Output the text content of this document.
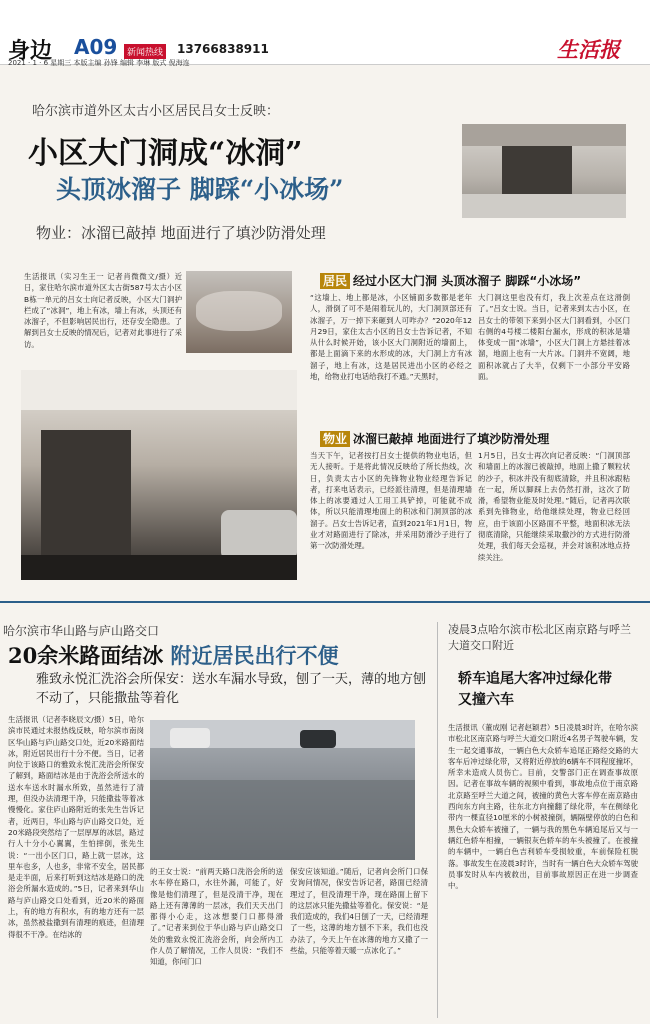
身边 A09	新闻热线 13766838911	生活报
2021 · 1 · 6 星期三 本版主编 孙锋 编辑 李琳 版式 倪海连
哈尔滨市道外区太古小区居民吕女士反映：
小区大门洞成“冰洞”
头顶冰溜子 脚踩“小冰场”
物业：冰溜已敲掉 地面进行了填沙防滑处理
生活报讯（实习生王一 记者肖微微文/摄）近日，家住哈尔滨市道外区太古街587号太古小区B栋一单元的吕女士向记者反映，小区大门洞护栏成了“冰洞”，地上有冰，墙上有冰，头顶还有冰溜子，不但影响居民出行，还存安全隐患。了解到吕女士反映的情况后，记者对此事进行了采访。
居民 经过小区大门洞 头顶冰溜子 脚踩“小冰场”
“这墙上、地上都是冰，小区铺面多数都是老年人，滑倒了可不是闹着玩儿的，大门洞顶部还有冰溜子，万一掉下来砸到人可咋办？”2020年12月29日，家住太古小区的吕女士告诉记者，不知从什么时候开始，该小区大门洞附近的墙面上，都是上面滴下来的水形成的冰，大门洞上方有冰溜子，地上有冰，这是居民进出小区的必经之地，给物业打电话给我打不通。”天黑时，
大门洞这里也没有灯，我上次差点在这滑倒了。”吕女士说。当日，记者来到太古小区，在吕女士的带领下来到小区大门洞看到，小区门右侧的4号楼二楼阳台漏水，形成的积冰是墙体变成一面“冰墙”，小区大门洞上方悬挂着冰溜，地面上也有一大片冰。门洞并不宽阔，地面积冰就占了大半，仅剩下一小部分平安路面。
物业 冰溜已敲掉 地面进行了填沙防滑处理
当天下午，记者按打吕女士提供的物业电话，但无人接听。于是将此情况反映给了所长热线，次日，负责太古小区的先锋物业物业经理告诉记者，打来电话表示，已经派往清理，但是清理墙体上的冰要通过人工用工具铲掉，可能就不成体，所以只能清理地面上的积冰和门洞顶部的冰溜子。吕女士告诉记者，直到2021年1月1日，物业才对路面进行了除冰，并采用防滑沙子进行了第一次防滑处理。
1月5日，吕女士再次向记者反映：“门洞顶部和墙面上的冰溜已被敲掉，地面上撒了颗粒状的沙子，积冰并没有彻底清除，并且积冰跟粘在一起，所以脚踩上去仍然打滑，这次了防滑，希望物业能及时处理。”随后，记者再次联系到先锋物业，给他继续处理，物业已经回应，由于该面小区路面不平整，地面积冰无法彻底清除，只能继续采取撒沙的方式进行防滑处理，我们每天会巡视，并会对该积冰地点持续关注。
哈尔滨市华山路与庐山路交口
20余米路面结冰 附近居民出行不便
雅致永悦汇洗浴会所保安：送水车漏水导致，刨了一天，薄的地方刨不动了，只能撒盐等着化
生活报讯（记者李晓辰文/摄）5日，哈尔滨市民通过未报热线反映，哈尔滨市南岗区华山路与庐山路交口处，近20米路面结冰，附近居民出行十分不便。当日，记者向位于该路口的雅致永悦汇洗浴会所保安了解到，路面结冰是由于洗浴会所送水的送水车送水时漏水所致，虽然进行了清理，但没办法清理干净，只能撒盐等着冰慢慢化。家住庐山路附近的张先生告诉记者，近两日，华山路与庐山路交口处，近20米路段突然结了一层厚厚的冰层，路过行人十分小心翼翼，生怕摔倒，张先生说：“一出小区门口，路上就一层冰，这里车也多，人也多，非常不安全，居民都是走半面，后来打听到这结冰是路口的洗浴会所漏水造成的。”5日，记者来到华山路与庐山路交口处看到，近20米的路面上，有的地方有积水，有的地方还有一层冰，虽然被盐撒到有清理的痕迹，但清理得很不干净。在结冰的
的王女士说：“前两天路口洗浴会所的送水车停在路口，水往外漏，可能了，好像是他们清理了，但是没清干净，现在路上还有薄薄的一层冰，我们天天出门都得小心走，这冰想要门口都得滑了。”记者来到位于华山路与庐山路交口处的雅致永悦汇洗浴会所，向会所内工作人员了解情况，工作人员说：“我们不知道，你问门口
保安应该知道。”随后，记者向会所门口保安询问情况，保安告诉记者，路面已经清理过了，但没清理干净，现在路面上留下的这层冰只能先撒盐等着化。保安说：“是我们造成的，我们4日刨了一天，已经清理了一些，这薄的地方刨不下来，我们也没办法了，今天上午在冰薄的地方又撒了一些盐，只能等着天暖一点冰化了。”
凌晨3点哈尔滨市松北区南京路与呼兰大道交口附近
轿车追尾大客冲过绿化带又撞六车
生活报讯（董成刚 记者赵颖君）5日凌晨3时许，在哈尔滨市松北区南京路与呼兰大道交口附近4名男子驾驶车辆，发生一起交通事故，一辆白色大众轿车追尾正路经交路的大客车后冲过绿化带，又将附近停放的6辆车不同程度撞坏，所幸未造成人员伤亡。目前，交警部门正在调查事故原因。记者在事故车辆的视频中看到，事故地点位于南京路北京路至呼兰大道之间，被撞的黄色大客车停在南京路由西向东方向主路，往东北方向撞翻了绿化带，车在侧绿化带内一棵直径10厘米的小树被撞倒，辆隔壁停放的白色和黑色大众轿车被撞了，一辆与我的黑色车辆追尾后又与一辆红色轿车相撞，一辆银灰色轿车的车头被撞了。在被撞的车辆中，一辆白色吉利轿车受损较重，车前保险杠脱落。事故发生在凌晨3时许，当时有一辆白色大众轿车驾驶员事发时从车内被救出，目前事故原因正在进一步调查中。
